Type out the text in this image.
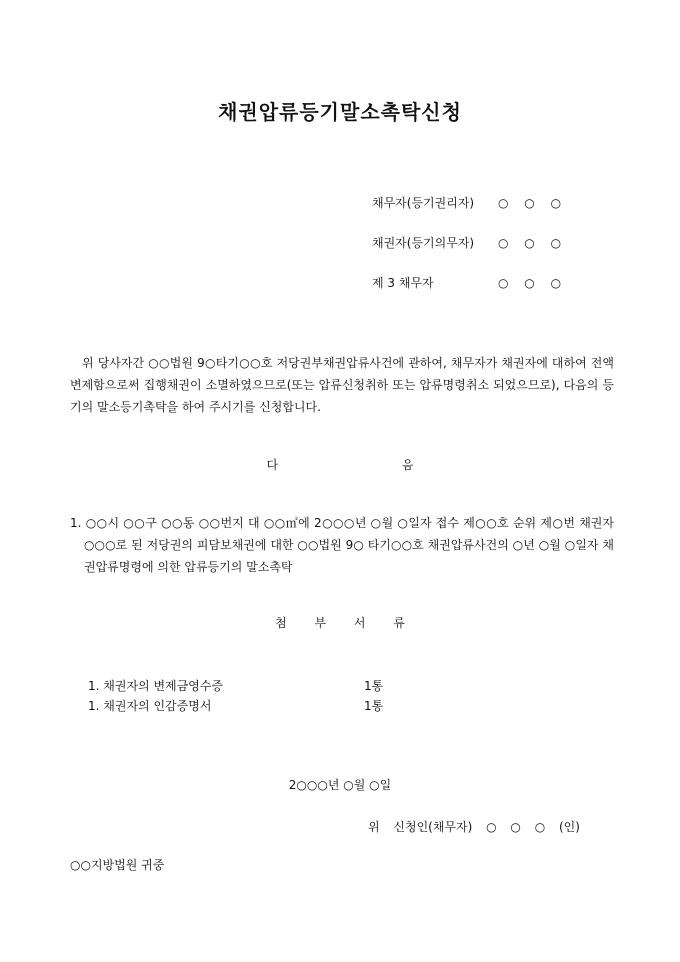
채권압류등기말소촉탁신청
채무자(등기권리자) ○ ○ ○
채권자(등기의무자) ○ ○ ○
제 3 채무자	○ ○ ○
위 당사자간 ○○법원 9○타기○○호 저당권부채권압류사건에 관하여, 채무자가 채권자에 대하여 전액 변제함으로써 집행채권이 소멸하였으므로(또는 압류신청취하 또는 압류명령취소 되었으므로), 다음의 등기의 말소등기촉탁을 하여 주시기를 신청합니다.
다 음
1. ○○시 ○○구 ○○동 ○○번지 대 ○○㎡에 2○○○년 ○월 ○일자 접수 제○○호 순위 제○번 채권자○○○로 된 저당권의 피담보채권에 대한 ○○법원 9○ 타기○○호 채권압류사건의 ○년 ○월 ○일자 채권압류명령에 의한 압류등기의 말소촉탁
첨 부 서 류
1. 채권자의 변제금영수증	1통
1. 채권자의 인감증명서	1통
2○○○년 ○월 ○일
위 신청인(채무자) ○ ○ ○ (인)
○○지방법원 귀중
